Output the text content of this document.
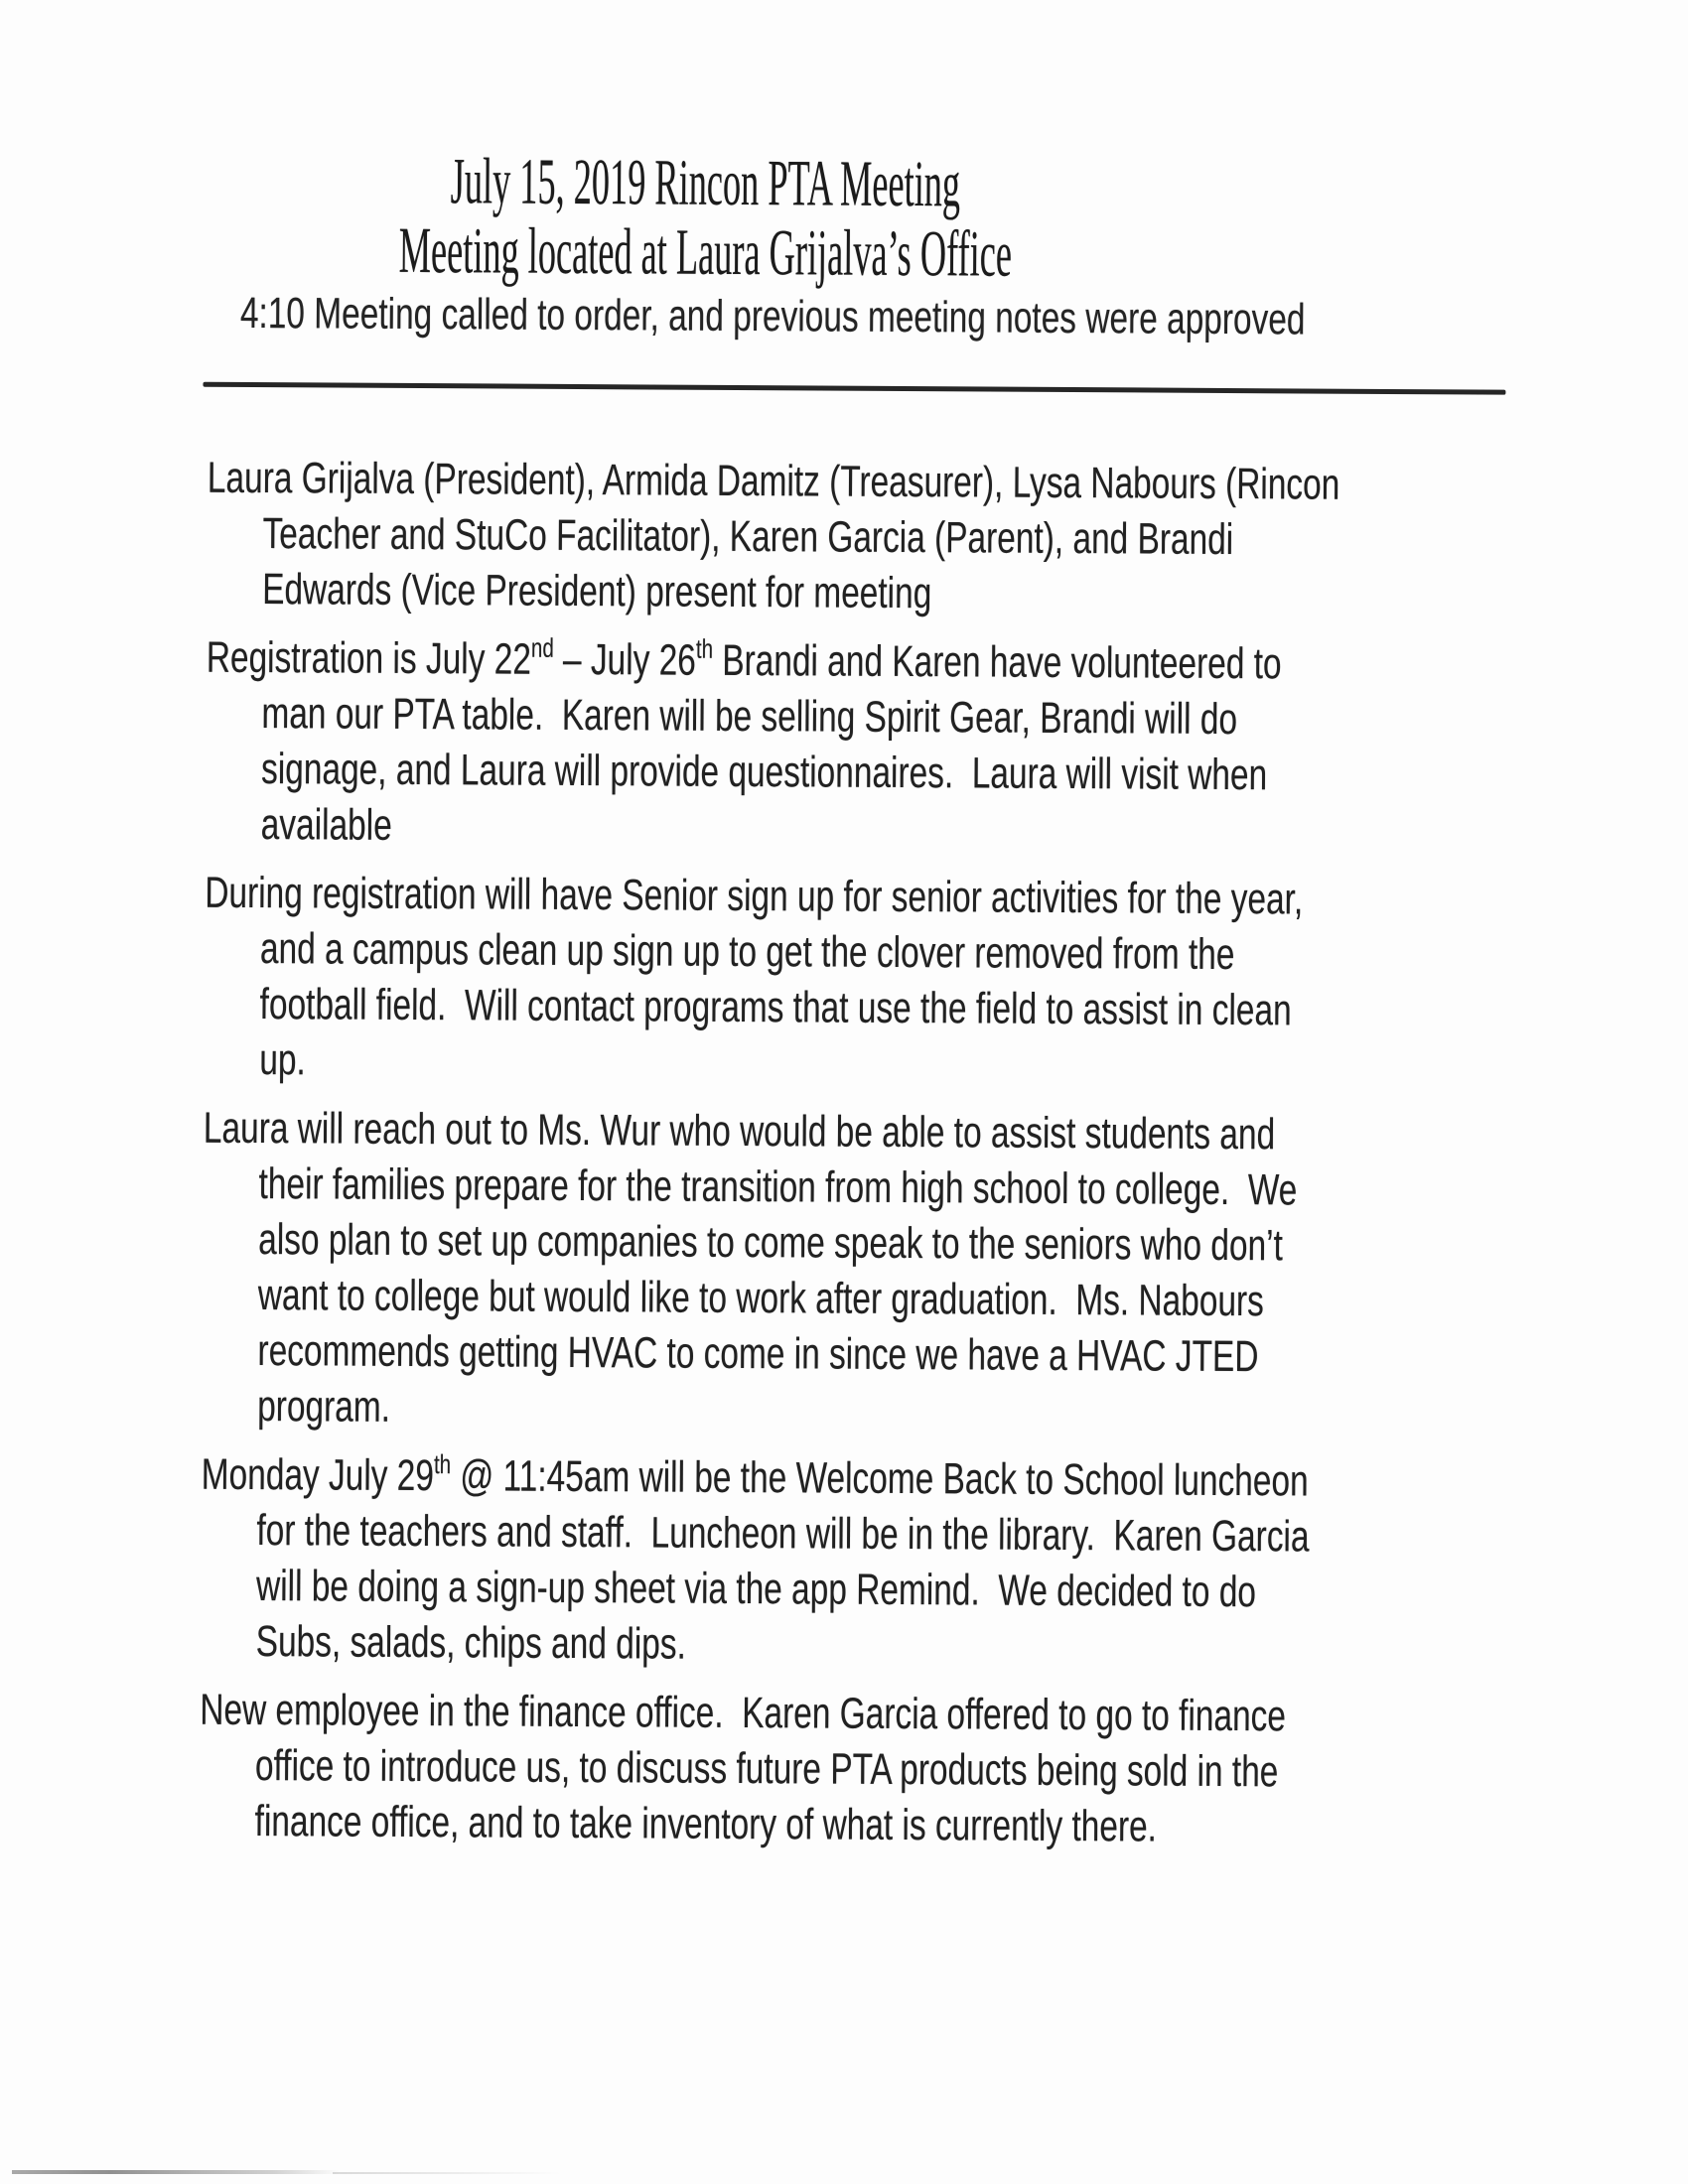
July 15, 2019 Rincon PTA Meeting
Meeting located at Laura Grijalva’s Office
4:10 Meeting called to order, and previous meeting notes were approved
Laura Grijalva (President), Armida Damitz (Treasurer), Lysa Nabours (Rincon
Teacher and StuCo Facilitator), Karen Garcia (Parent), and Brandi
Edwards (Vice President) present for meeting
Registration is July 22nd – July 26th Brandi and Karen have volunteered to
man our PTA table.  Karen will be selling Spirit Gear, Brandi will do
signage, and Laura will provide questionnaires.  Laura will visit when
available
During registration will have Senior sign up for senior activities for the year,
and a campus clean up sign up to get the clover removed from the
football field.  Will contact programs that use the field to assist in clean
up.
Laura will reach out to Ms. Wur who would be able to assist students and
their families prepare for the transition from high school to college.  We
also plan to set up companies to come speak to the seniors who don’t
want to college but would like to work after graduation.  Ms. Nabours
recommends getting HVAC to come in since we have a HVAC JTED
program.
Monday July 29th @ 11:45am will be the Welcome Back to School luncheon
for the teachers and staff.  Luncheon will be in the library.  Karen Garcia
will be doing a sign-up sheet via the app Remind.  We decided to do
Subs, salads, chips and dips.
New employee in the finance office.  Karen Garcia offered to go to finance
office to introduce us, to discuss future PTA products being sold in the
finance office, and to take inventory of what is currently there.
